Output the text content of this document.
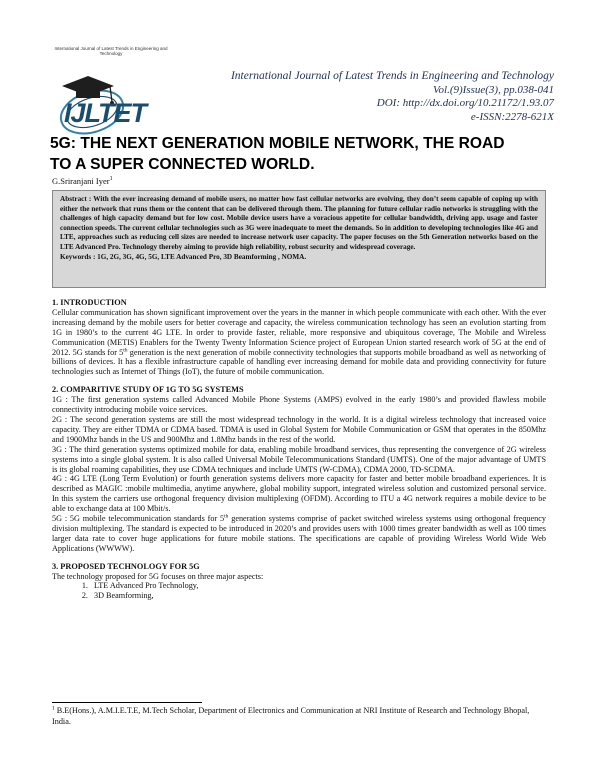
International Journal of Latest Trends in Engineering and Technology
IJLTET
International Journal of Latest Trends in Engineering and Technology
Vol.(9)Issue(3), pp.038-041
DOI: http://dx.doi.org/10.21172/1.93.07
e-ISSN:2278-621X
5G: THE NEXT GENERATION MOBILE NETWORK, THE ROAD
TO A SUPER CONNECTED WORLD.
G.Sriranjani Iyer$^1$

Abstract : With the ever increasing demand of mobile users, no matter how fast cellular networks are evolving, they don’t seem capable of coping up with either the network that runs them or the content that can be delivered through them. The planning for future cellular radio networks is struggling with the challenges of high capacity demand but for low cost. Mobile device users have a voracious appetite for cellular bandwidth, driving app. usage and faster connection speeds. The current cellular technologies such as 3G were inadequate to meet the demands. So in addition to developing technologies like 4G and LTE, approaches such as reducing cell sizes are needed to increase network user capacity. The paper focuses on the 5th Generation networks based on the LTE Advanced Pro. Technology thereby aiming to provide high reliability, robust security and widespread coverage.

Keywords : 1G, 2G, 3G, 4G, 5G, LTE Advanced Pro, 3D Beamforming , NOMA.

1. INTRODUCTION

Cellular communication has shown significant improvement over the years in the manner in which people communicate with each other. With the ever increasing demand by the mobile users for better coverage and capacity, the wireless communication technology has seen an evolution starting from 1G in 1980’s to the current 4G LTE. In order to provide faster, reliable, more responsive and ubiquitous coverage, The Mobile and Wireless Communication (METIS) Enablers for the Twenty Twenty Information Science project of European Union started research work of 5G at the end of 2012. 5G stands for 5th generation is the next generation of mobile connectivity technologies that supports mobile broadband as well as networking of billions of devices. It has a flexible infrastructure capable of handling ever increasing demand for mobile data and providing connectivity for future technologies such as Internet of Things (IoT), the future of mobile communication.

2. COMPARITIVE STUDY OF 1G TO 5G SYSTEMS

1G : The first generation systems called Advanced Mobile Phone Systems (AMPS) evolved in the early 1980’s and provided flawless mobile connectivity introducing mobile voice services.

2G : The second generation systems are still the most widespread technology in the world. It is a digital wireless technology that increased voice capacity. They are either TDMA or CDMA based. TDMA is used in Global System for Mobile Communication or GSM that operates in the 850Mhz and 1900Mhz bands in the US and 900Mhz and 1.8Mhz bands in the rest of the world.

3G : The third generation systems optimized mobile for data, enabling mobile broadband services, thus representing the convergence of 2G wireless systems into a single global system. It is also called Universal Mobile Telecommunications Standard (UMTS). One of the major advantage of UMTS is its global roaming capabilities, they use CDMA techniques and include UMTS (W-CDMA), CDMA 2000, TD-SCDMA.

4G : 4G LTE (Long Term Evolution) or fourth generation systems delivers more capacity for faster and better mobile broadband experiences. It is described as MAGIC :mobile multimedia, anytime anywhere, global mobility support, integrated wireless solution and customized personal service. In this system the carriers use orthogonal frequency division multiplexing (OFDM). According to ITU a 4G network requires a mobile device to be able to exchange data at 100 Mbit/s.

5G : 5G mobile telecommunication standards for 5th generation systems comprise of packet switched wireless systems using orthogonal frequency division multiplexing. The standard is expected to be introduced in 2020’s and provides users with 1000 times greater bandwidth as well as 100 times larger data rate to cover huge applications for future mobile stations. The specifications are capable of providing Wireless World Wide Web Applications (WWWW).

3. PROPOSED TECHNOLOGY FOR 5G

The technology proposed for 5G focuses on three major aspects:

1. LTE Advanced Pro Technology,
2. 3D Beamforming,
$^1$ B.E(Hons.), A.M.I.E.T.E, M.Tech Scholar, Department of Electronics and Communication at NRI Institute of Research and Technology Bhopal, India.
